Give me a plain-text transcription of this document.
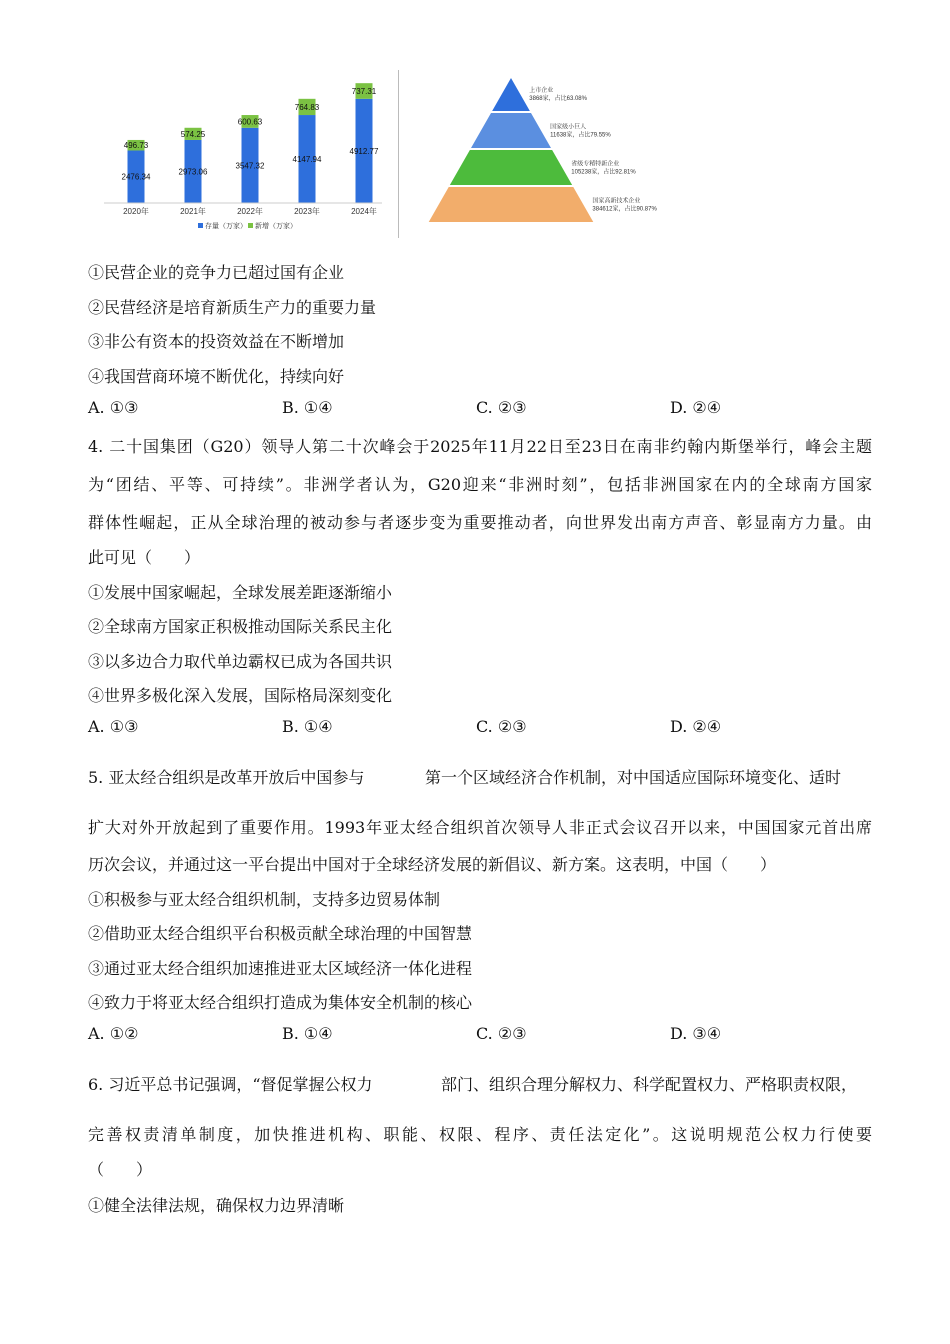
2476.34
496.73
2020年
2973.06
574.25
2021年
3547.32
600.63
2022年
4147.94
764.83
2023年
4912.77
737.31
2024年
存量（万家） 新增（万家）
上市企业
3868家，占比63.08%
国家级小巨人
11638家，占比79.55%
省级专精特新企业
105238家，占比92.81%
国家高新技术企业
384612家，占比90.87%
①民营企业的竞争力已超过国有企业
②民营经济是培育新质生产力的重要力量
③非公有资本的投资效益在不断增加
④我国营商环境不断优化，持续向好
A. ①③	B. ①④	C. ②③	D. ②④
4. 二十国集团（G20）领导人第二十次峰会于2025年11月22日至23日在南非约翰内斯堡举行，峰会主题
为“团结、平等、可持续”。非洲学者认为，G20迎来“非洲时刻”，包括非洲国家在内的全球南方国家
群体性崛起，正从全球治理的被动参与者逐步变为重要推动者，向世界发出南方声音、彰显南方力量。由
此可见（　　）
①发展中国家崛起，全球发展差距逐渐缩小
②全球南方国家正积极推动国际关系民主化
③以多边合力取代单边霸权已成为各国共识
④世界多极化深入发展，国际格局深刻变化
A. ①③	B. ①④	C. ②③	D. ②④
5. 亚太经合组织是改革开放后中国参与	第一个区域经济合作机制，对中国适应国际环境变化、适时
扩大对外开放起到了重要作用。1993年亚太经合组织首次领导人非正式会议召开以来，中国国家元首出席
历次会议，并通过这一平台提出中国对于全球经济发展的新倡议、新方案。这表明，中国（　　）
①积极参与亚太经合组织机制，支持多边贸易体制
②借助亚太经合组织平台积极贡献全球治理的中国智慧
③通过亚太经合组织加速推进亚太区域经济一体化进程
④致力于将亚太经合组织打造成为集体安全机制的核心
A. ①②	B. ①④	C. ②③	D. ③④
6. 习近平总书记强调，“督促掌握公权力	部门、组织合理分解权力、科学配置权力、严格职责权限，
完善权责清单制度，加快推进机构、职能、权限、程序、责任法定化”。这说明规范公权力行使要
（　　）
①健全法律法规，确保权力边界清晰
